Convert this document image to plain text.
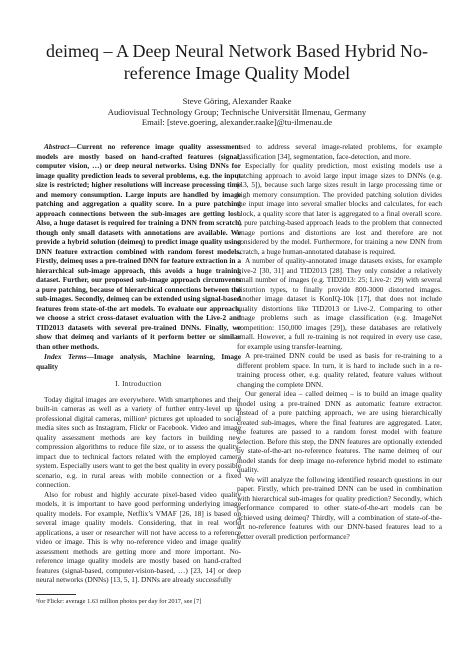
deimeq – A Deep Neural Network Based Hybrid No-reference Image Quality Model
Steve Göring, Alexander Raake
Audiovisual Technology Group; Technische Universität Ilmenau, Germany
Email: [steve.goering, alexander.raake]@tu-ilmenau.de

Abstract—Current no reference image quality assessment models are mostly based on hand-crafted features (signal, computer vision, …) or deep neural networks. Using DNNs for image quality prediction leads to several problems, e.g. the input size is restricted; higher resolutions will increase processing time and memory consumption. Large inputs are handled by image patching and aggregation a quality score. In a pure patching approach connections between the sub-images are getting lost. Also, a huge dataset is required for training a DNN from scratch, though only small datasets with annotations are available. We provide a hybrid solution (deimeq) to predict image quality using DNN feature extraction combined with random forest models. Firstly, deimeq uses a pre-trained DNN for feature extraction in a hierarchical sub-image approach, this avoids a huge training dataset. Further, our proposed sub-image approach circumvents a pure patching, because of hierarchical connections between the sub-images. Secondly, deimeq can be extended using signal-based features from state-of-the art models. To evaluate our approach, we choose a strict cross-dataset evaluation with the Live-2 and TID2013 datasets with several pre-trained DNNs. Finally, we show that deimeq and variants of it perform better or similar than other methods.

Index Terms—Image analysis, Machine learning, Image quality

I. Introduction

Today digital images are everywhere. With smartphones and their built-in cameras as well as a variety of further entry-level up to professional digital cameras, million¹ pictures get uploaded to social media sites such as Instagram, Flickr or Facebook. Video and image quality assessment methods are key factors in building new compression algorithms to reduce file size, or to assess the quality-impact due to technical factors related with the employed camera system. Especially users want to get the best quality in every possible scenario, e.g. in rural areas with mobile connection or a fixed connection.

Also for robust and highly accurate pixel-based video quality models, it is important to have good performing underlying image quality models. For example, Netflix’s VMAF [26, 18] is based on several image quality models. Considering, that in real world applications, a user or researcher will not have access to a reference video or image. This is why no-reference video and image quality assessment methods are getting more and more important. No-reference image quality models are mostly based on hand-crafted features (signal-based, computer-vision-based, …) [23, 14] or deep neural networks (DNNs) [13, 5, 1]. DNNs are already successfully

¹for Flickr: average 1.63 million photos per day for 2017, see [7]

used to address several image-related problems, for example classification [34], segmentation, face-detection, and more.

Especially for quality prediction, most existing models use a patching approach to avoid large input image sizes to DNNs (e.g. [13, 5]), because such large sizes result in large processing time or high memory consumption. The provided patching solution divides the input image into several smaller blocks and calculates, for each block, a quality score that later is aggregated to a final overall score. A pure patching-based approach leads to the problem that connected image portions and distortions are lost and therefore are not considered by the model. Furthermore, for training a new DNN from scratch, a huge human-annotated database is required.

A number of quality-annotated image datasets exists, for example Live-2 [30, 31] and TID2013 [28]. They only consider a relatively small number of images (e.g. TID2013: 25; Live-2: 29) with several distortion types, to finally provide 800-3000 distorted images. Another image dataset is KonIQ-10k [17], that does not include quality distortions like TID2013 or Live-2. Comparing to other image problems such as image classification (e.g. ImageNet competition: 150,000 images [29]), these databases are relatively small. However, a full re-training is not required in every use case, for example using transfer-learning.

A pre-trained DNN could be used as basis for re-training to a different problem space. In turn, it is hard to include such in a re-training process other, e.g. quality related, feature values without changing the complete DNN.

Our general idea – called deimeq – is to build an image quality model using a pre-trained DNN as automatic feature extractor. Instead of a pure patching approach, we are using hierarchically created sub-images, where the final features are aggregated. Later, the features are passed to a random forest model with feature selection. Before this step, the DNN features are optionally extended by state-of-the-art no-reference features. The name deimeq of our model stands for deep image no-reference hybrid model to estimate quality.

We will analyze the following identified research questions in our paper. Firstly, which pre-trained DNN can be used in combination with hierarchical sub-images for quality prediction? Secondly, which performance compared to other state-of-the-art models can be achieved using deimeq? Thirdly, will a combination of state-of-the-art no-reference features with our DNN-based features lead to a better overall prediction performance?
